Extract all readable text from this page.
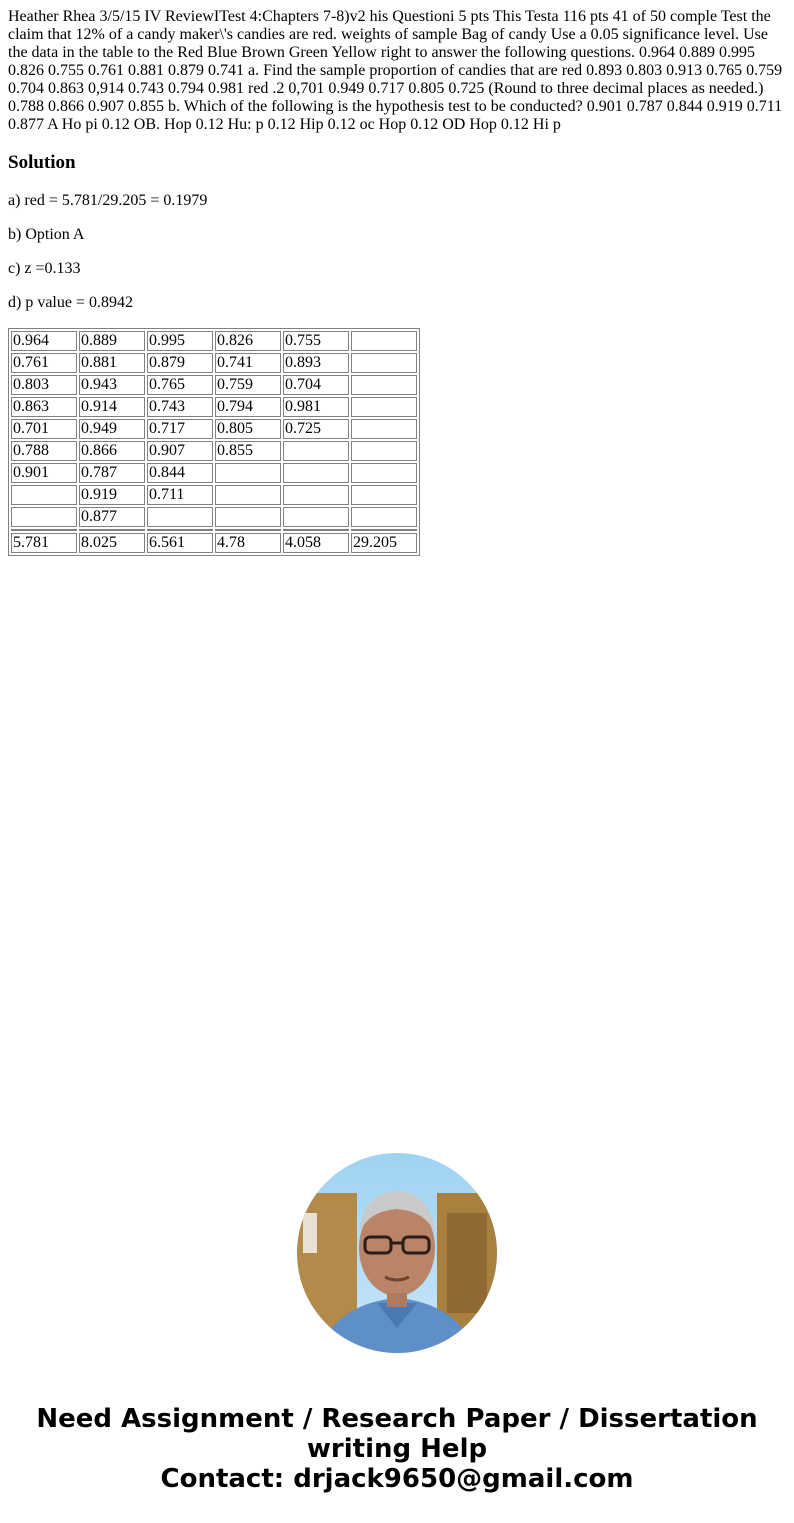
Heather Rhea 3/5/15 IV ReviewITest 4:Chapters 7-8)v2 his Questioni 5 pts This Testa 116 pts 41 of 50 comple Test the claim that 12% of a candy maker\'s candies are red. weights of sample Bag of candy Use a 0.05 significance level. Use the data in the table to the Red Blue Brown Green Yellow right to answer the following questions. 0.964 0.889 0.995 0.826 0.755 0.761 0.881 0.879 0.741 a. Find the sample proportion of candies that are red 0.893 0.803 0.913 0.765 0.759 0.704 0.863 0,914 0.743 0.794 0.981 red .2 0,701 0.949 0.717 0.805 0.725 (Round to three decimal places as needed.) 0.788 0.866 0.907 0.855 b. Which of the following is the hypothesis test to be conducted? 0.901 0.787 0.844 0.919 0.711 0.877 A Ho pi 0.12 OB. Hop 0.12 Hu: p 0.12 Hip 0.12 oc Hop 0.12 OD Hop 0.12 Hi p

Solution

a) red = 5.781/29.205 = 0.1979

b) Option A

c) z =0.133

d) p value = 0.8942

0.964	0.889	0.995	0.826	0.755	
0.761	0.881	0.879	0.741	0.893	
0.803	0.943	0.765	0.759	0.704	
0.863	0.914	0.743	0.794	0.981	
0.701	0.949	0.717	0.805	0.725	
0.788	0.866	0.907	0.855		
0.901	0.787	0.844			
	0.919	0.711			
	0.877				

5.781	8.025	6.561	4.78	4.058	29.205
Need Assignment / Research Paper / Dissertation
writing Help
Contact: drjack9650@gmail.com
